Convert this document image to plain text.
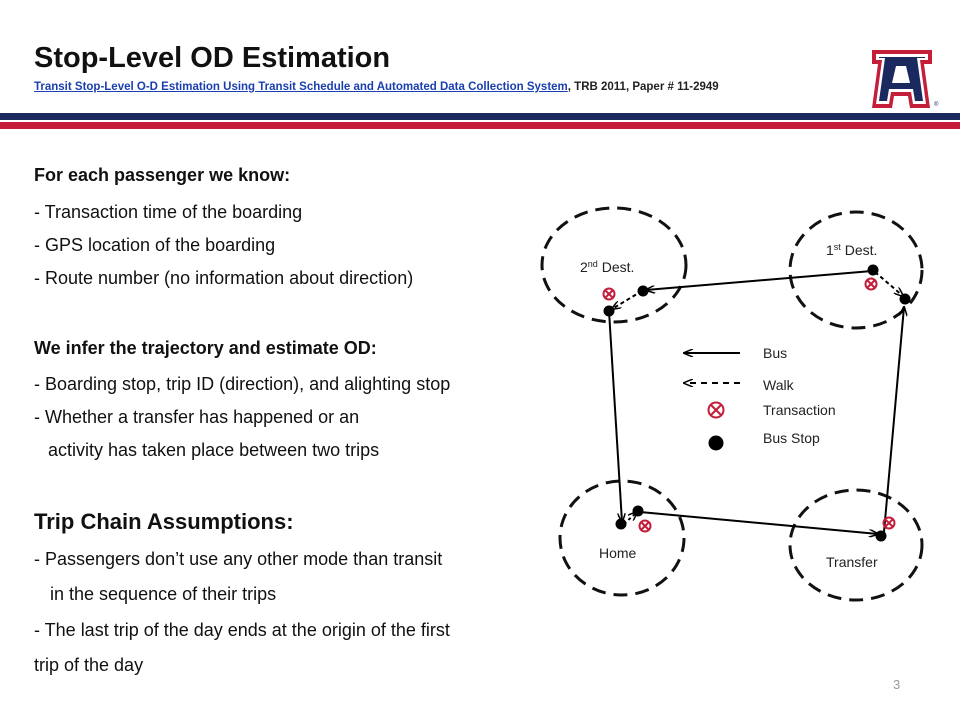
Stop-Level OD Estimation
Transit Stop-Level O-D Estimation Using Transit Schedule and Automated Data Collection System, TRB 2011, Paper # 11-2949
®
For each passenger we know:
- Transaction time of the boarding
- GPS location of the boarding
- Route number (no information about direction)
We infer the trajectory and estimate OD:
- Boarding stop, trip ID (direction), and alighting stop
- Whether a transfer has happened or an
activity has taken place between two trips
Trip Chain Assumptions:
- Passengers don’t use any other mode than transit
in the sequence of their trips
- The last trip of the day ends at the origin of the first
trip of the day
2nd Dest.
1st Dest.
Home
Transfer
Bus
Walk
Transaction
Bus Stop
3
